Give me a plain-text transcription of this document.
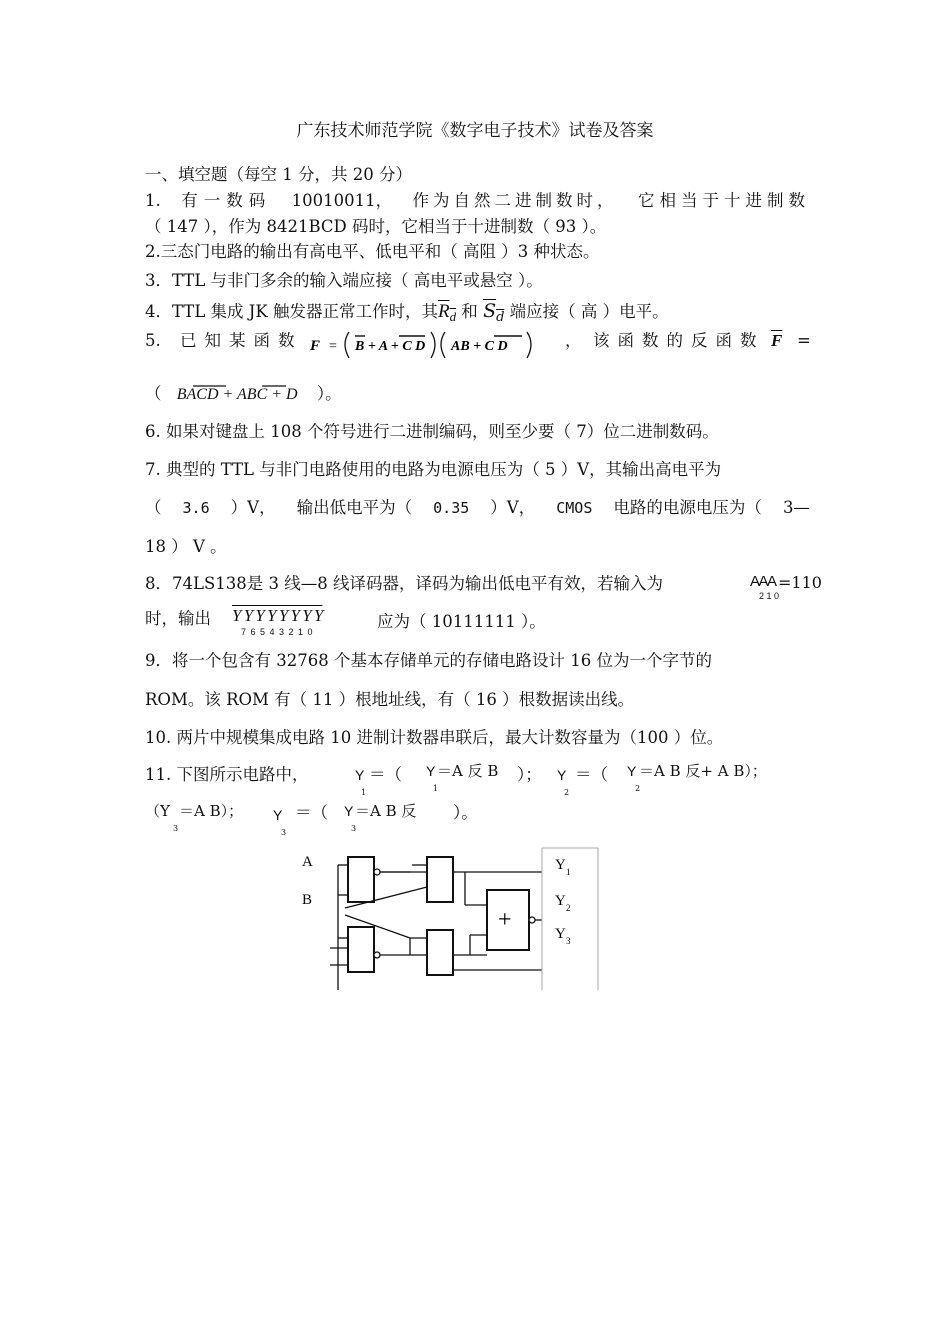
广东技术师范学院《数字电子技术》试卷及答案
一、填空题（每空 1 分，共 20 分）
1. 有一数码 10010011， 作为自然二进制数时， 它相当于十进制数
（ 147 ），作为 8421BCD 码时，它相当于十进制数（ 93 ）。
2.三态门电路的输出有高电平、低电平和（ 高阻 ）3 种状态。
3．TTL 与非门多余的输入端应接（ 高电平或悬空 ）。
4．TTL 集成 JK 触发器正常工作时，其$R_d$ 和 $S_d$ 端应接（ 高 ）电平。
5. 已知某函数 F = B + A + C D AB + C D	， 该函数的反函数 $\overline{F}$ =
（ BACD + ABC + D ）。
6. 如果对键盘上 108 个符号进行二进制编码，则至少要（ 7）位二进制数码。
7. 典型的 TTL 与非门电路使用的电路为电源电压为（ 5 ）V，其输出高电平为
（ 3.6 ）V， 输出低电平为（ 0.35 ）V， CMOS 电路的电源电压为（ 3—
18 ） V 。
8．74LS138是 3 线—8 线译码器，译码为输出低电平有效，若输入为	A A A
2 1 0
=110
时，输出	Y Y Y Y Y Y Y Y
7 6 5 4 3 2 1 0
应为（ 10111111 ）。
9．将一个包含有 32768 个基本存储单元的存储电路设计 16 位为一个字节的
ROM。该 ROM 有（ 11 ）根地址线，有（ 16 ）根数据读出线。
10. 两片中规模集成电路 10 进制计数器串联后，最大计数容量为（100 ）位。
11. 下图所示电路中，	Y
1
＝（ Y
1
＝A 反 B ）； Y
2
＝（ Y
2
＝A B 反+ A B）；
（Y
3
＝A B）； Y
3
＝（ Y
3
＝A B 反 ）。
A
B
+
Y 1
Y 2
Y 3
